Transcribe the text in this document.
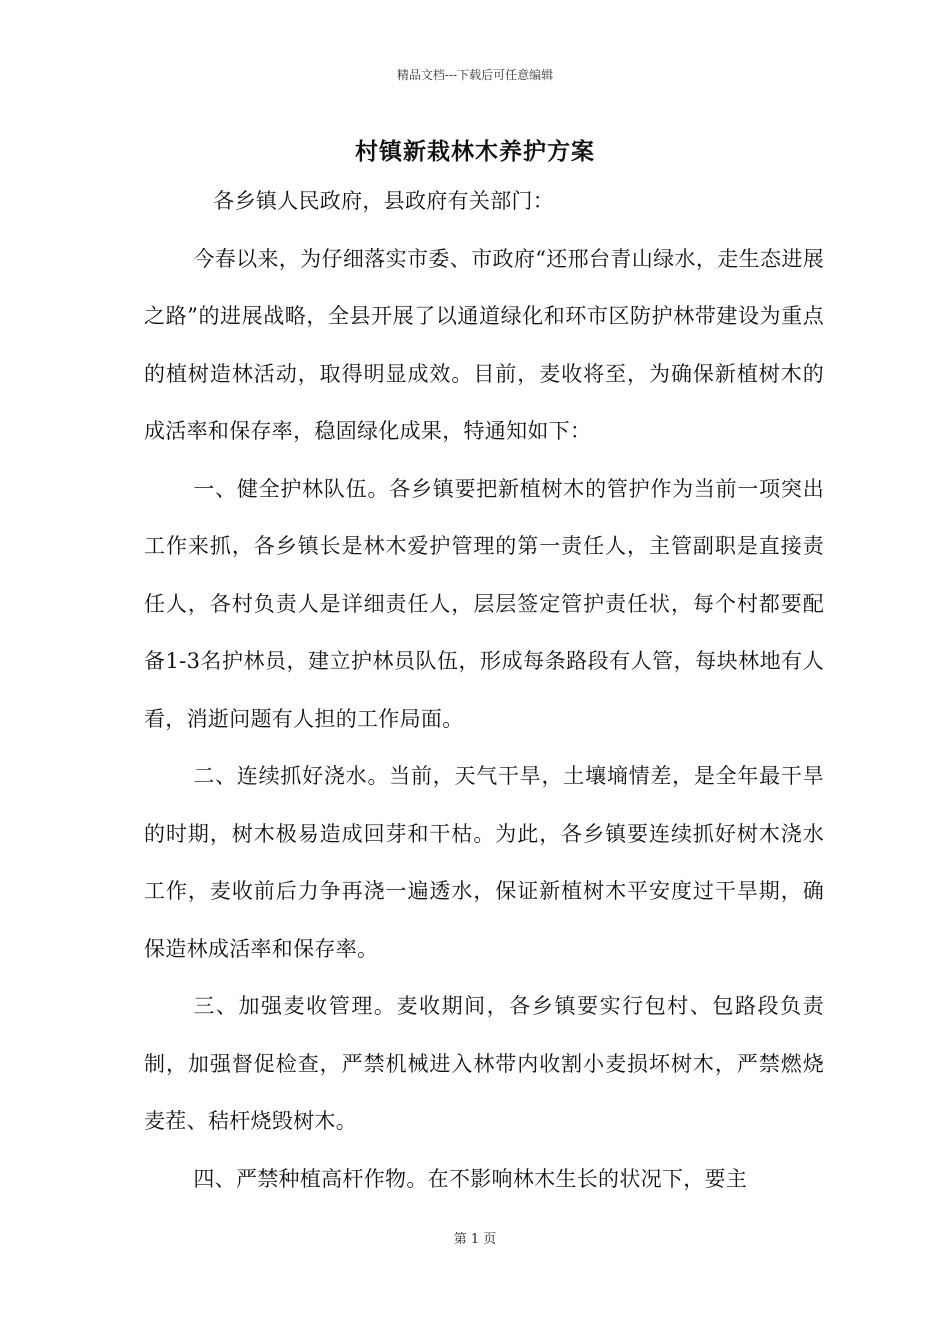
精品文档---下载后可任意编辑
村镇新栽林木养护方案

各乡镇人民政府，县政府有关部门：

今春以来，为仔细落实市委、市政府“还邢台青山绿水，走生态进展之路”的进展战略，全县开展了以通道绿化和环市区防护林带建设为重点的植树造林活动，取得明显成效。目前，麦收将至，为确保新植树木的成活率和保存率，稳固绿化成果，特通知如下：

一、健全护林队伍。各乡镇要把新植树木的管护作为当前一项突出工作来抓，各乡镇长是林木爱护管理的第一责任人，主管副职是直接责任人，各村负责人是详细责任人，层层签定管护责任状，每个村都要配备1-3名护林员，建立护林员队伍，形成每条路段有人管，每块林地有人看，消逝问题有人担的工作局面。

二、连续抓好浇水。当前，天气干旱，土壤墒情差，是全年最干旱的时期，树木极易造成回芽和干枯。为此，各乡镇要连续抓好树木浇水工作，麦收前后力争再浇一遍透水，保证新植树木平安度过干旱期，确保造林成活率和保存率。

三、加强麦收管理。麦收期间，各乡镇要实行包村、包路段负责制，加强督促检查，严禁机械进入林带内收割小麦损坏树木，严禁燃烧麦茬、秸杆烧毁树木。

四、严禁种植高杆作物。在不影响林木生长的状况下，要主

第 1 页
